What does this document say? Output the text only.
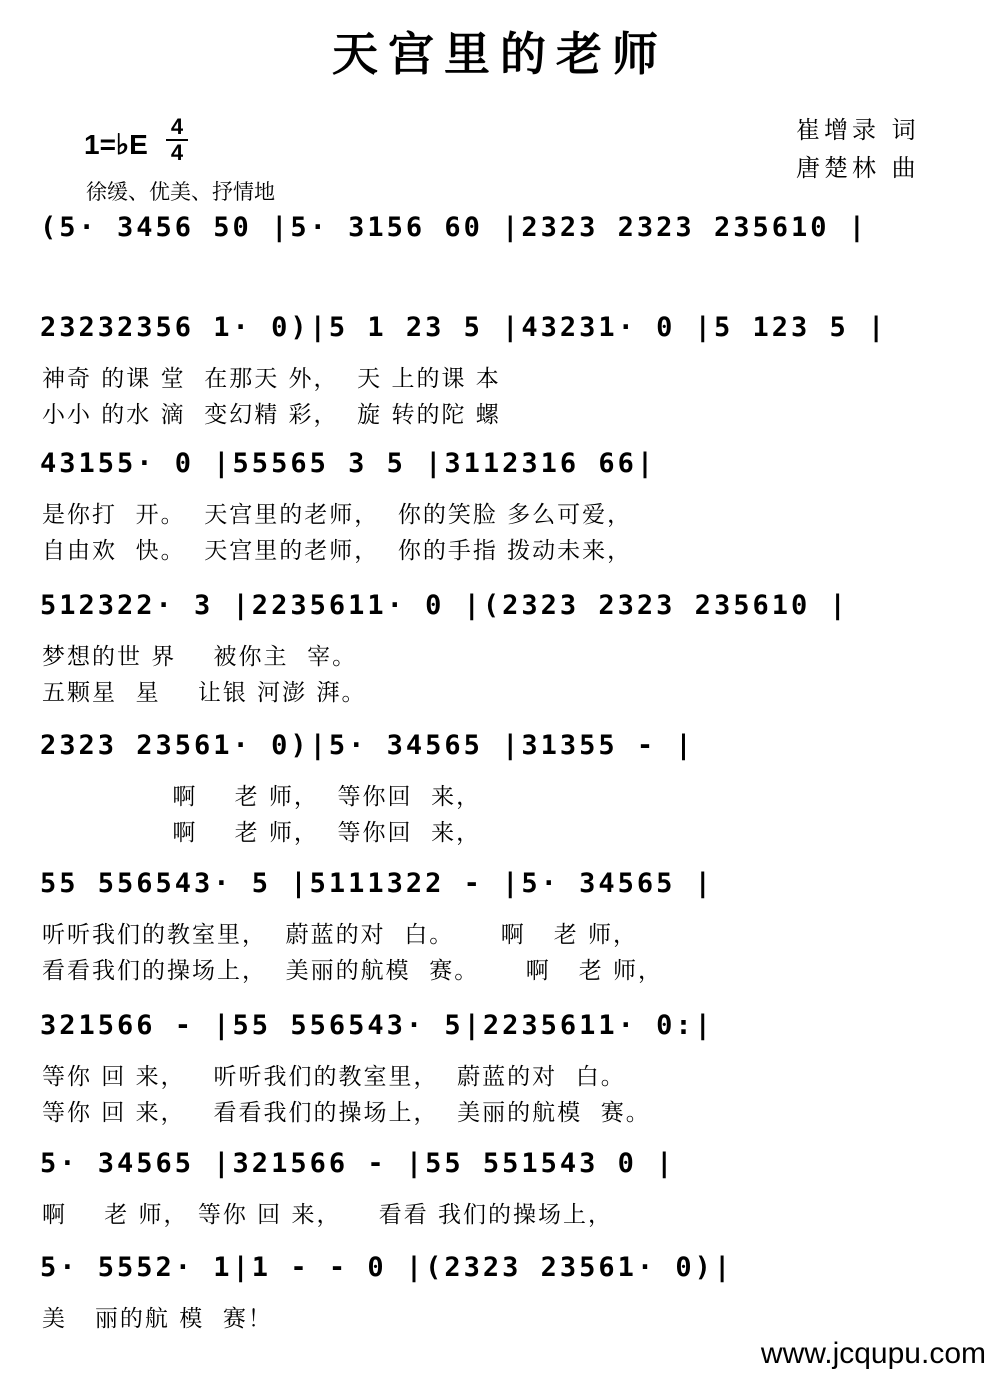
天宫里的老师
1=♭E
4
4
徐缓、优美、抒情地
崔增录 词
唐楚林 曲
(5· 3456 50 |5· 3156 60 |2323 2323 235610 |
23232356 1· 0)|5 1 23 5 |43231· 0 |5 123 5 |
神奇 的课 堂  在那天 外，  天 上的课 本
小小 的水 滴  变幻精 彩，  旋 转的陀 螺
43155· 0 |55565 3 5 |3112316 66|
是你打  开。  天宫里的老师，  你的笑脸 多么可爱，
自由欢  快。  天宫里的老师，  你的手指 拨动未来，
512322· 3 |2235611· 0 |(2323 2323 235610 |
梦想的世 界    被你主  宰。
五颗星  星    让银 河澎 湃。
2323 23561· 0)|5· 34565 |31355 - |
啊    老 师，  等你回  来，
啊    老 师，  等你回  来，
55 556543· 5 |5111322 - |5· 34565 |
听听我们的教室里，  蔚蓝的对  白。     啊   老 师，
看看我们的操场上，  美丽的航模  赛。     啊   老 师，
321566 - |55 556543· 5|2235611· 0:|
等你 回 来，   听听我们的教室里，  蔚蓝的对  白。
等你 回 来，   看看我们的操场上，  美丽的航模  赛。
5· 34565 |321566 - |55 551543 0 |
啊    老 师， 等你 回 来，    看看 我们的操场上，
5· 5552· 1|1 - - 0 |(2323 23561· 0)|
美   丽的航 模  赛！
www.jcqupu.com
